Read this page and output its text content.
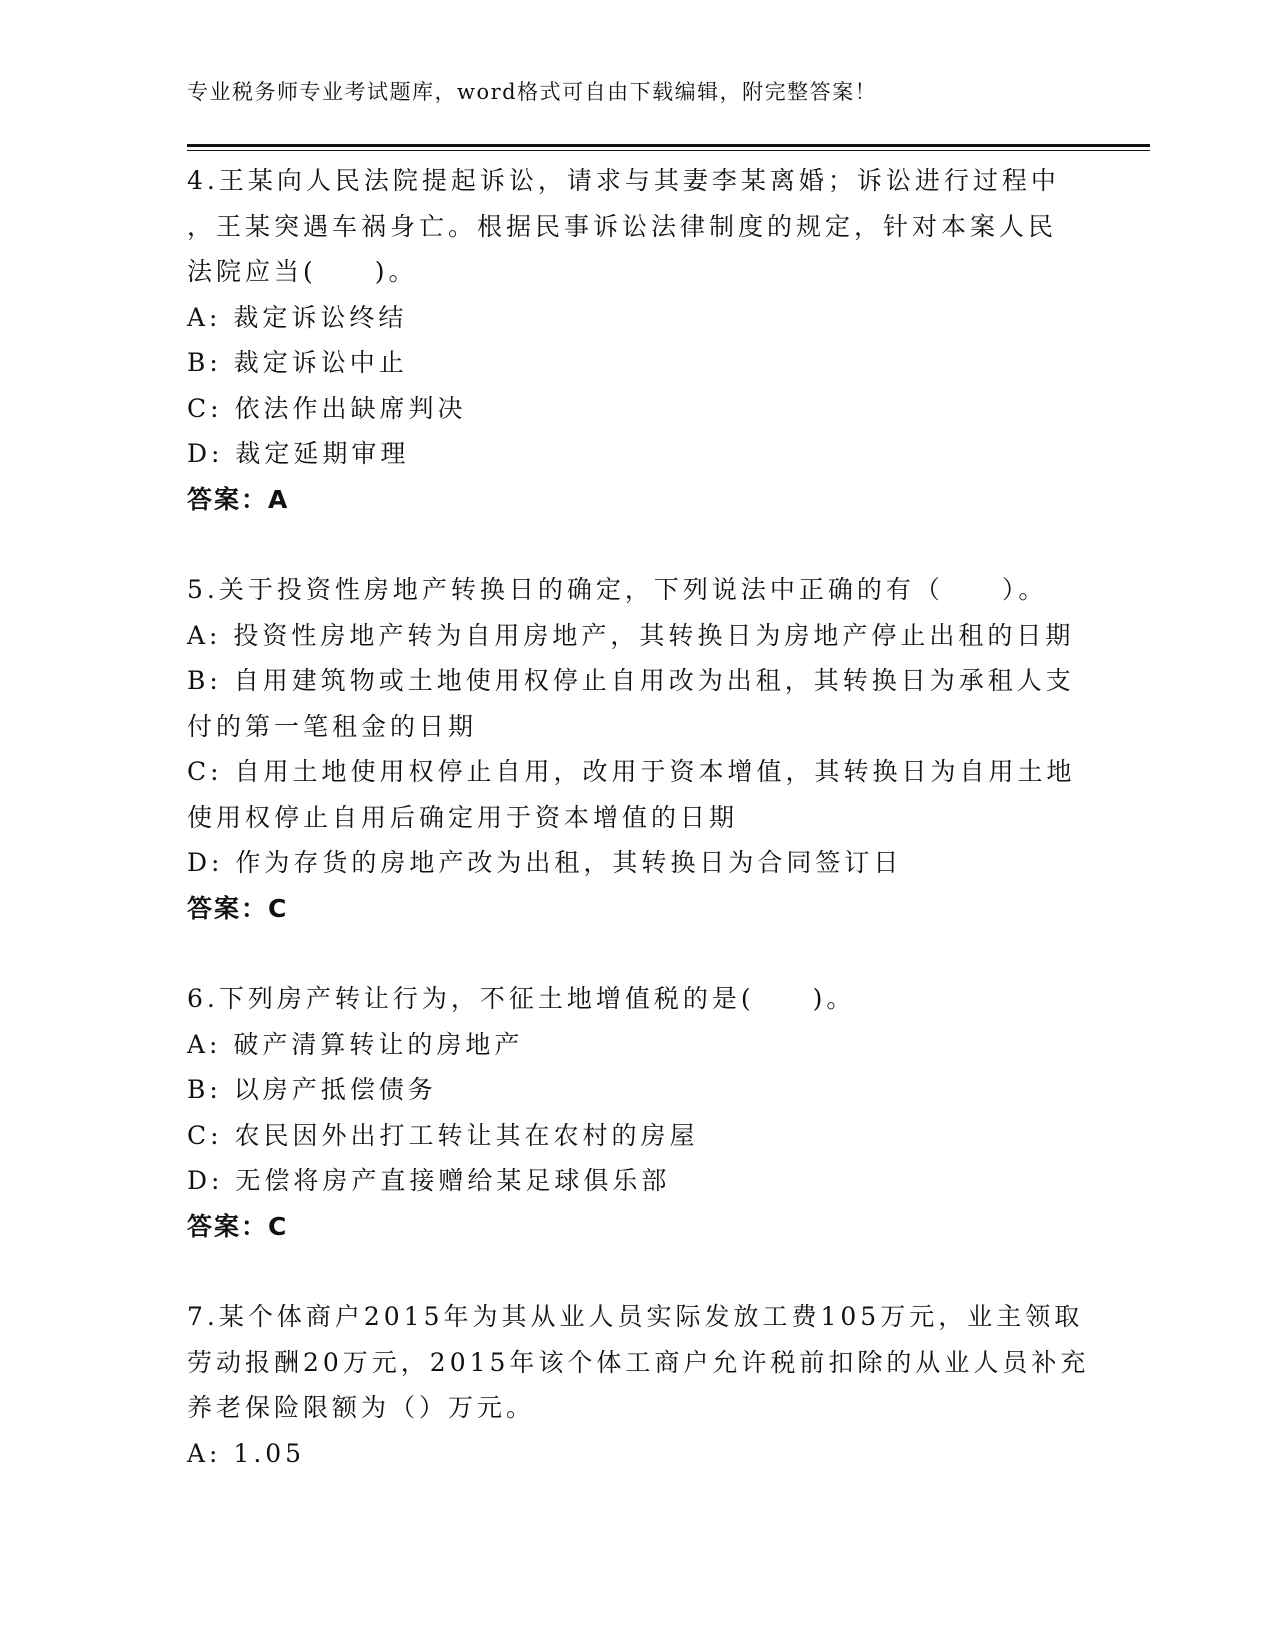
专业税务师专业考试题库，word格式可自由下载编辑，附完整答案！
4.王某向人民法院提起诉讼，请求与其妻李某离婚；诉讼进行过程中
，王某突遇车祸身亡。根据民事诉讼法律制度的规定，针对本案人民
法院应当(　　)。
A: 裁定诉讼终结
B: 裁定诉讼中止
C: 依法作出缺席判决
D: 裁定延期审理
答案：A
5.关于投资性房地产转换日的确定，下列说法中正确的有（　　）。
A: 投资性房地产转为自用房地产，其转换日为房地产停止出租的日期
B: 自用建筑物或土地使用权停止自用改为出租，其转换日为承租人支
付的第一笔租金的日期
C: 自用土地使用权停止自用，改用于资本增值，其转换日为自用土地
使用权停止自用后确定用于资本增值的日期
D: 作为存货的房地产改为出租，其转换日为合同签订日
答案：C
6.下列房产转让行为，不征土地增值税的是(　　)。
A: 破产清算转让的房地产
B: 以房产抵偿债务
C: 农民因外出打工转让其在农村的房屋
D: 无偿将房产直接赠给某足球俱乐部
答案：C
7.某个体商户2015年为其从业人员实际发放工费105万元，业主领取
劳动报酬20万元，2015年该个体工商户允许税前扣除的从业人员补充
养老保险限额为（）万元。
A: 1.05
